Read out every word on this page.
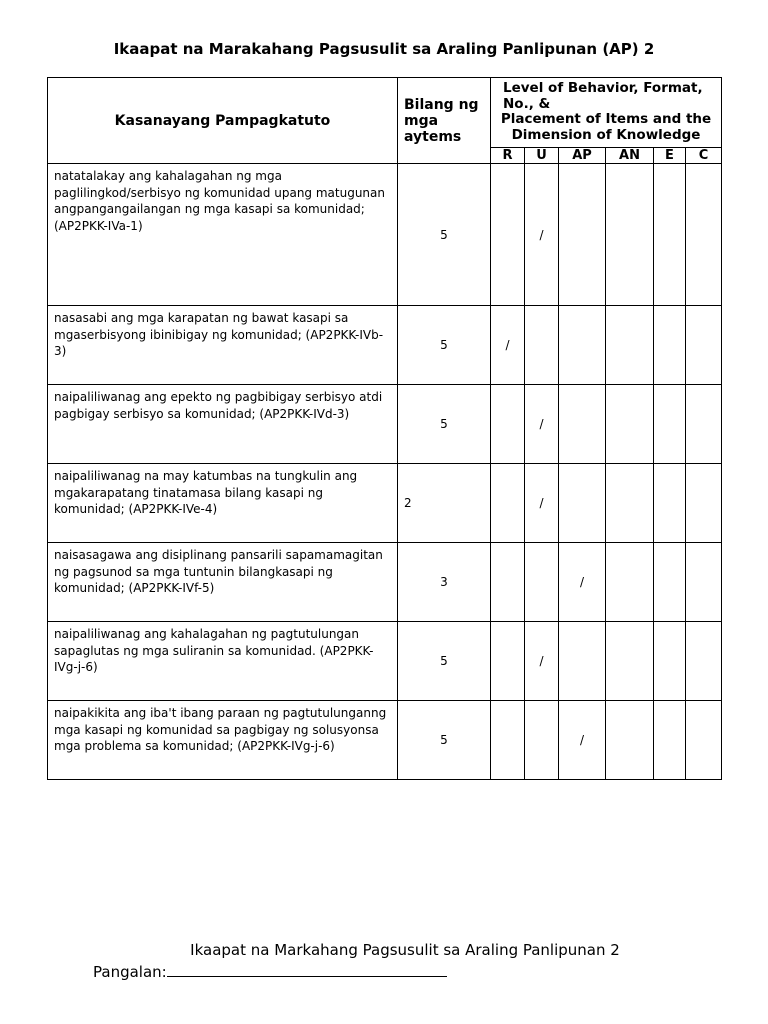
Ikaapat na Marakahang Pagsusulit sa Araling Panlipunan (AP) 2
Kasanayang Pampagkatuto	Bilang ng mga aytems	Level of Behavior, Format,
No., &
Placement of Items and the
Dimension of Knowledge					

		R	U	AP	AN	E	C
natatalakay ang kahalagahan ng mga paglilingkod/serbisyo ng komunidad upang matugunan angpangangailangan ng mga kasapi sa komunidad;(AP2PKK-IVa-1)	5		/				
nasasabi ang mga karapatan ng bawat kasapi sa mgaserbisyong ibinibigay ng komunidad; (AP2PKK-IVb-3)	5	/					
naipaliliwanag ang epekto ng pagbibigay serbisyo atdi pagbigay serbisyo sa komunidad; (AP2PKK-IVd-3)	5		/				
naipaliliwanag na may katumbas na tungkulin ang mgakarapatang tinatamasa bilang kasapi ng komunidad; (AP2PKK-IVe-4)	2		/				
naisasagawa ang disiplinang pansarili sapamamagitan ng pagsunod sa mga tuntunin bilangkasapi ng komunidad; (AP2PKK-IVf-5)	3			/			
naipaliliwanag ang kahalagahan ng pagtutulungan sapaglutas ng mga suliranin sa komunidad. (AP2PKK-IVg-j-6)	5		/				
naipakikita ang iba't ibang paraan ng pagtutulunganng mga kasapi ng komunidad sa pagbigay ng solusyonsa mga problema sa komunidad; (AP2PKK-IVg-j-6)	5			/			
Ikaapat na Markahang Pagsusulit sa Araling Panlipunan 2
Pangalan:
